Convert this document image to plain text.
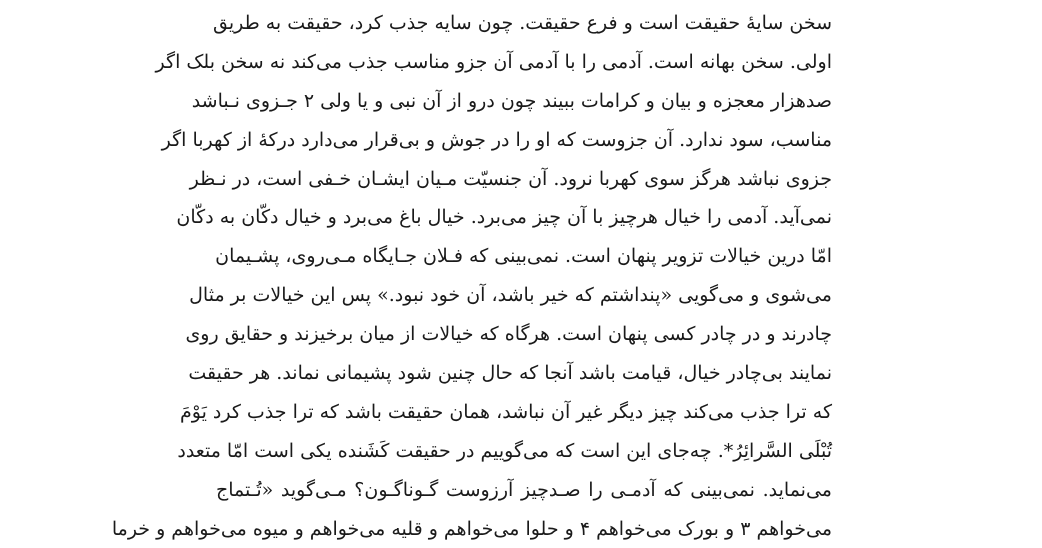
سخن سایهٔ حقیقت است و فرع حقیقت. چون سایه جذب کرد، حقیقت به طریق
اولی. سخن بهانه است. آدمی را با آدمی آن جزو مناسب جذب می‌کند نه سخن بلک اگر
صدهزار معجزه و بیان و کرامات ببیند چون درو از آن نبی و یا ولی ۲ جـزوی نـباشد
مناسب، سود ندارد. آن جزوست که او را در جوش و بی‌قرار می‌دارد درکهٔ از کهربا اگر
جزوی نباشد هرگز سوی کهربا نرود. آن جنسیّت مـیان ایشـان خـفی است، در نـظر
نمی‌آید. آدمی را خیال هرچیز با آن چیز می‌برد. خیال باغ می‌برد و خیال دکّان به دکّان
امّا درین خیالات تزویر پنهان است. نمی‌بینی که فـلان جـایگاه مـی‌روی، پشـیمان
می‌شوی و می‌گویی «پنداشتم که خیر باشد، آن خود نبود.» پس این خیالات بر مثال
چادرند و در چادر کسی پنهان است. هرگاه که خیالات از میان برخیزند و حقایق روی
نمایند بی‌چادر خیال، قیامت باشد آنجا که حال چنین شود پشیمانی نماند. هر حقیقت
که ترا جذب می‌کند چیز دیگر غیر آن نباشد، همان حقیقت باشد که ترا جذب کرد یَوْمَ
تُبْلَی السَّرائِرُ*. چه‌جای این است که می‌گوییم در حقیقت کَشَنده یکی است امّا متعدد
می‌نماید. نمی‌بینی که آدمـی را صـدچیز آرزوست گـوناگـون؟ مـی‌گوید «تُـتماج
می‌خواهم ۳ و بورک می‌خواهم ۴ و حلوا می‌خواهم و قلیه می‌خواهم و میوه می‌خواهم و خرما
